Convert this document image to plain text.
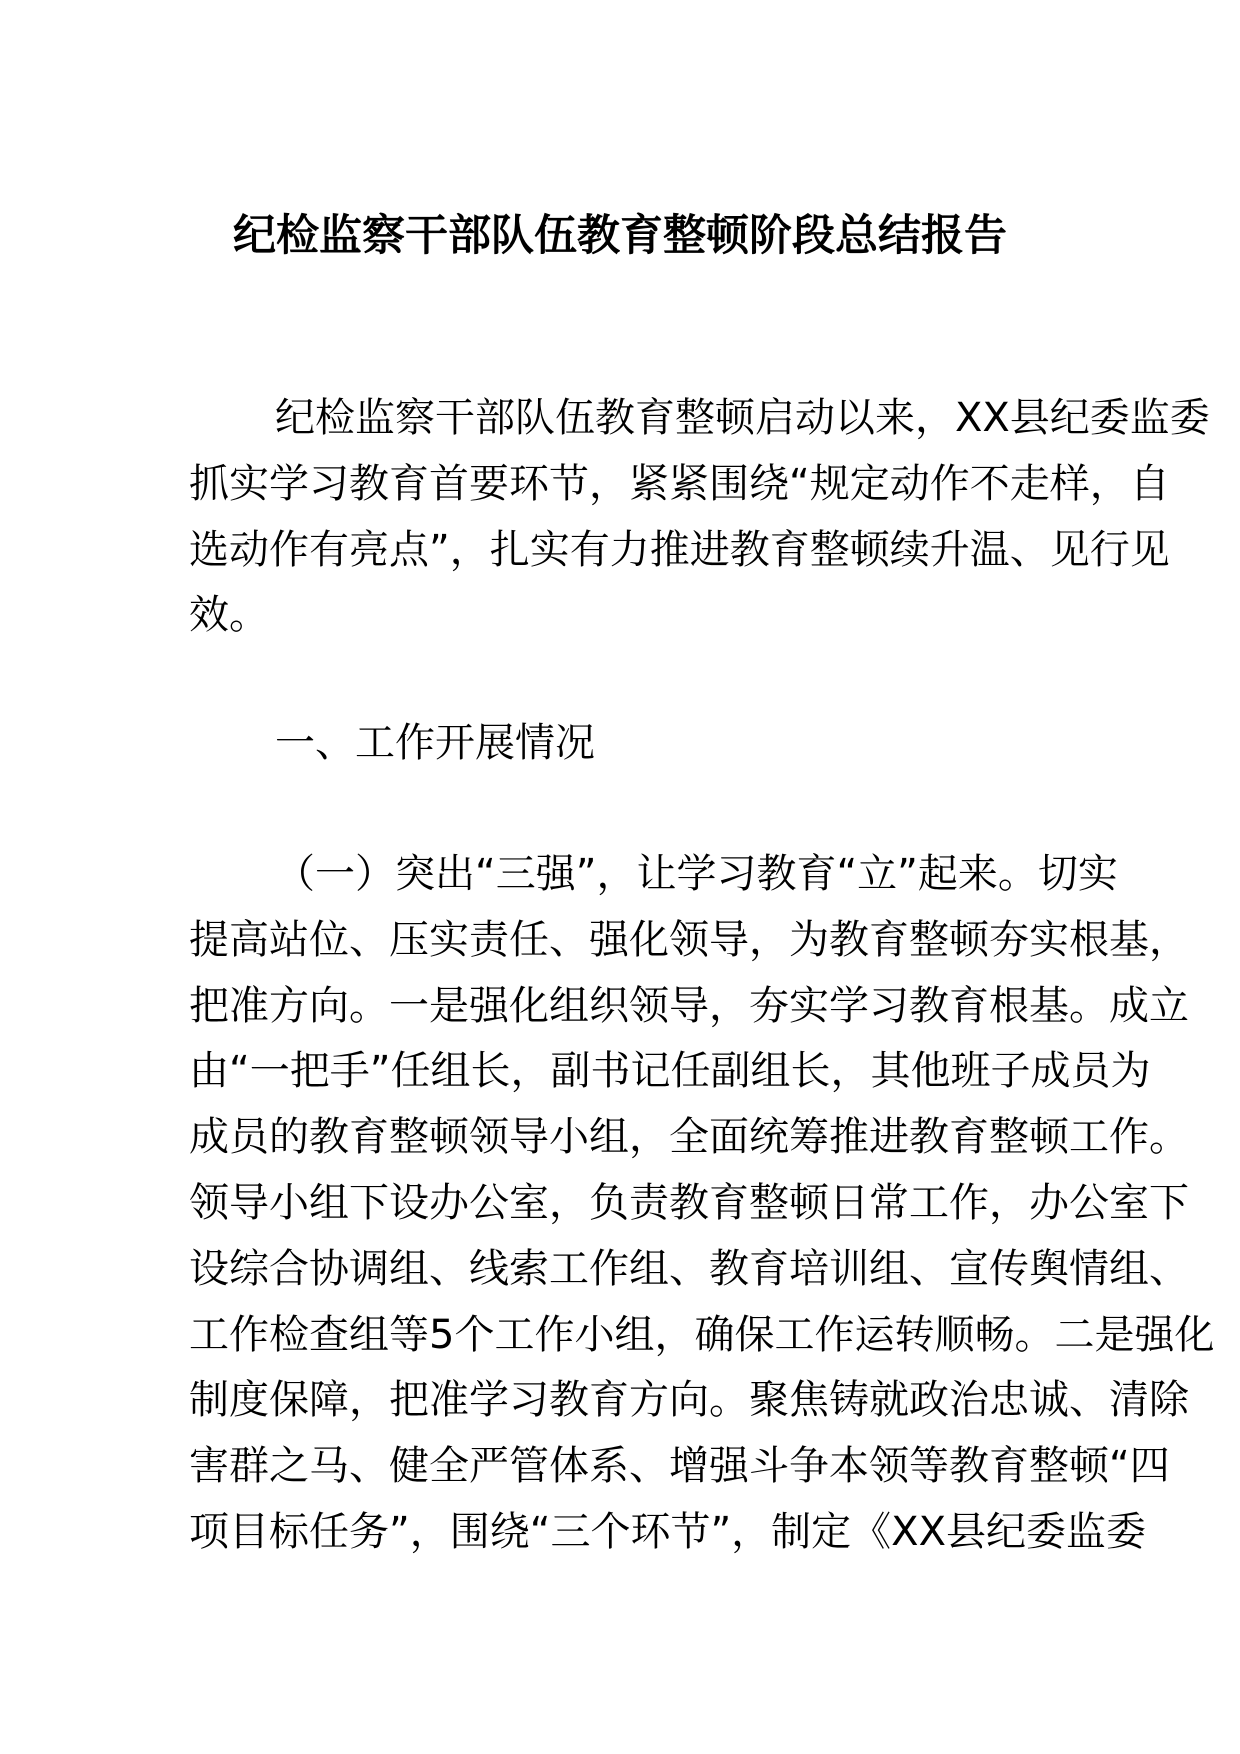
纪检监察干部队伍教育整顿阶段总结报告
纪检监察干部队伍教育整顿启动以来，XX县纪委监委
抓实学习教育首要环节，紧紧围绕“规定动作不走样，自
选动作有亮点”，扎实有力推进教育整顿续升温、见行见
效。
一、工作开展情况
（一）突出“三强”，让学习教育“立”起来。切实
提高站位、压实责任、强化领导，为教育整顿夯实根基，
把准方向。一是强化组织领导，夯实学习教育根基。成立
由“一把手”任组长，副书记任副组长，其他班子成员为
成员的教育整顿领导小组，全面统筹推进教育整顿工作。
领导小组下设办公室，负责教育整顿日常工作，办公室下
设综合协调组、线索工作组、教育培训组、宣传舆情组、
工作检查组等5个工作小组，确保工作运转顺畅。二是强化
制度保障，把准学习教育方向。聚焦铸就政治忠诚、清除
害群之马、健全严管体系、增强斗争本领等教育整顿“四
项目标任务”，围绕“三个环节”，制定《XX县纪委监委
